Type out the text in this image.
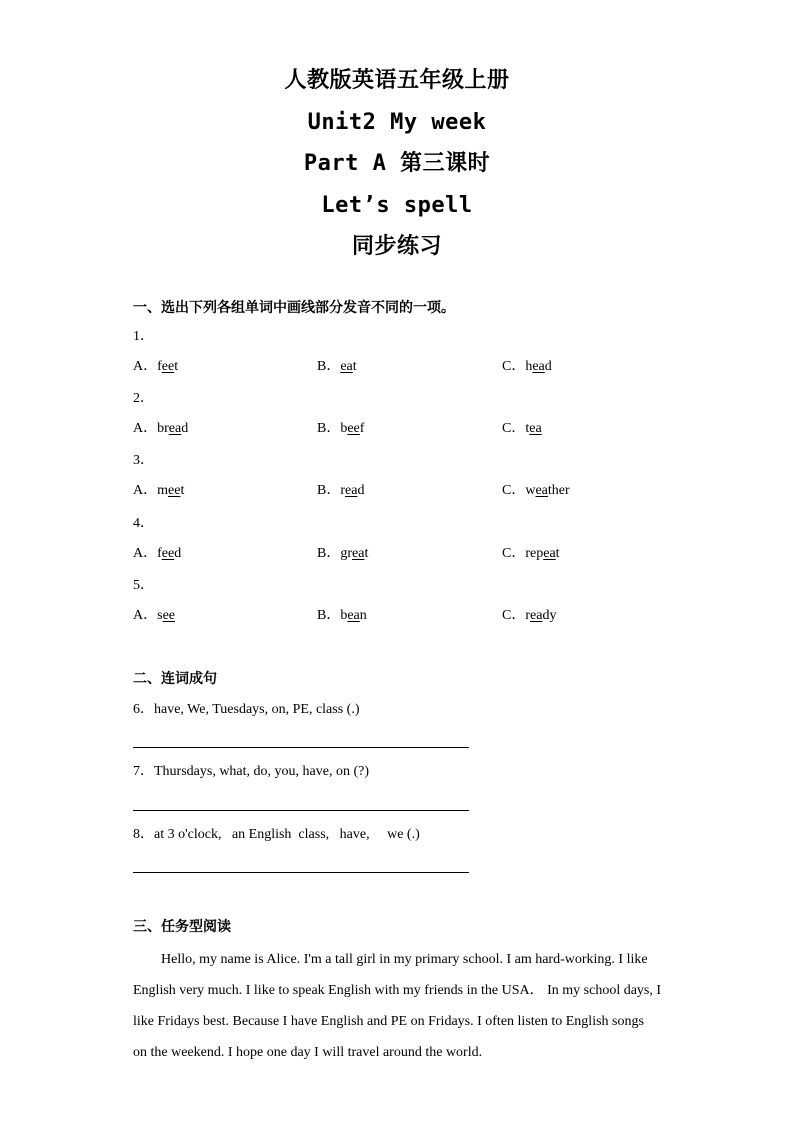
人教版英语五年级上册
Unit2 My week
Part A 第三课时
Let’s spell
同步练习
一、选出下列各组单词中画线部分发音不同的一项。
1．
A．feet	B．eat	C．head
2．
A．bread	B．beef	C．tea
3．
A．meet	B．read	C．weather
4．
A．feed	B．great	C．repeat
5．
A．see	B．bean	C．ready
二、连词成句
6．have, We, Tuesdays, on, PE, class (.)
7．Thursdays, what, do, you, have, on (?)
8．at 3 o'clock,   an English  class,   have,     we (.)
三、任务型阅读
Hello, my name is Alice. I'm a tall girl in my primary school. I am hard-working. I like
English very much. I like to speak English with my friends in the USA． In my school days, I
like Fridays best. Because I have English and PE on Fridays. I often listen to English songs
on the weekend. I hope one day I will travel around the world.
